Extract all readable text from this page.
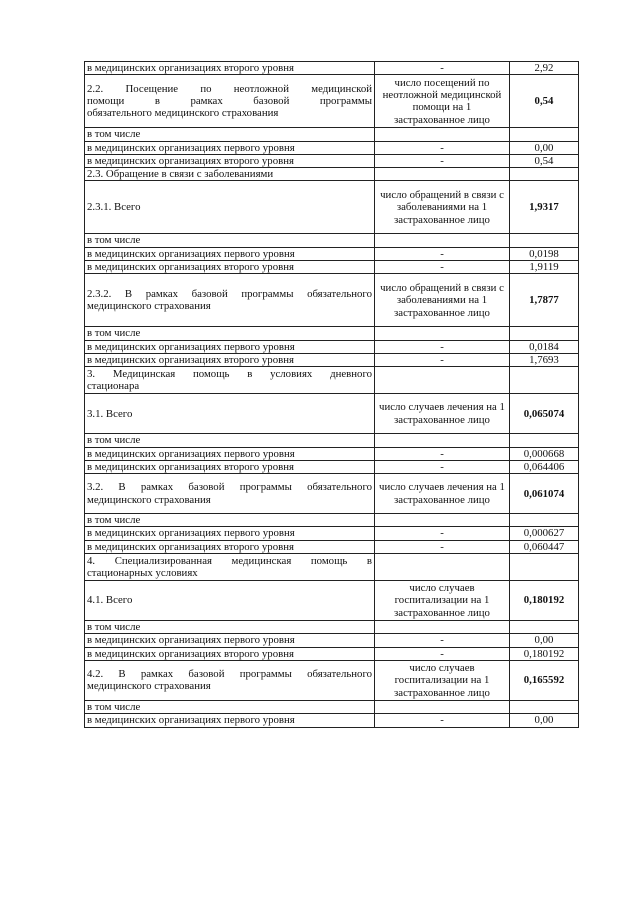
в медицинских организациях второго уровня	-	2,92

2.2. Посещение по неотложной медицинской
помощи в рамках базовой программы
обязательного медицинского страхования	число посещений по неотложной медицинской помощи на 1 застрахованное лицо	0,54
в том числе		
в медицинских организациях первого уровня	-	0,00
в медицинских организациях второго уровня	-	0,54
2.3. Обращение в связи с заболеваниями		
2.3.1. Всего	число обращений в связи с заболеваниями на 1 застрахованное лицо	1,9317
в том числе		
в медицинских организациях первого уровня	-	0,0198
в медицинских организациях второго уровня	-	1,9119

2.3.2. В рамках базовой программы обязательного
медицинского страхования	число обращений в связи с заболеваниями на 1 застрахованное лицо	1,7877
в том числе		
в медицинских организациях первого уровня	-	0,0184
в медицинских организациях второго уровня	-	1,7693

3. Медицинская помощь в условиях дневного
стационара		

3.1. Всего	число случаев лечения на 1 застрахованное лицо	0,065074
в том числе		
в медицинских организациях первого уровня	-	0,000668
в медицинских организациях второго уровня	-	0,064406

3.2. В рамках базовой программы обязательного
медицинского страхования	число случаев лечения на 1 застрахованное лицо	0,061074
в том числе		
в медицинских организациях первого уровня	-	0,000627
в медицинских организациях второго уровня	-	0,060447

4. Специализированная медицинская помощь в
стационарных условиях		

4.1. Всего	число случаев госпитализации на 1 застрахованное лицо	0,180192
в том числе		
в медицинских организациях первого уровня	-	0,00
в медицинских организациях второго уровня	-	0,180192

4.2. В рамках базовой программы обязательного
медицинского страхования	число случаев госпитализации на 1 застрахованное лицо	0,165592
в том числе		
в медицинских организациях первого уровня	-	0,00
